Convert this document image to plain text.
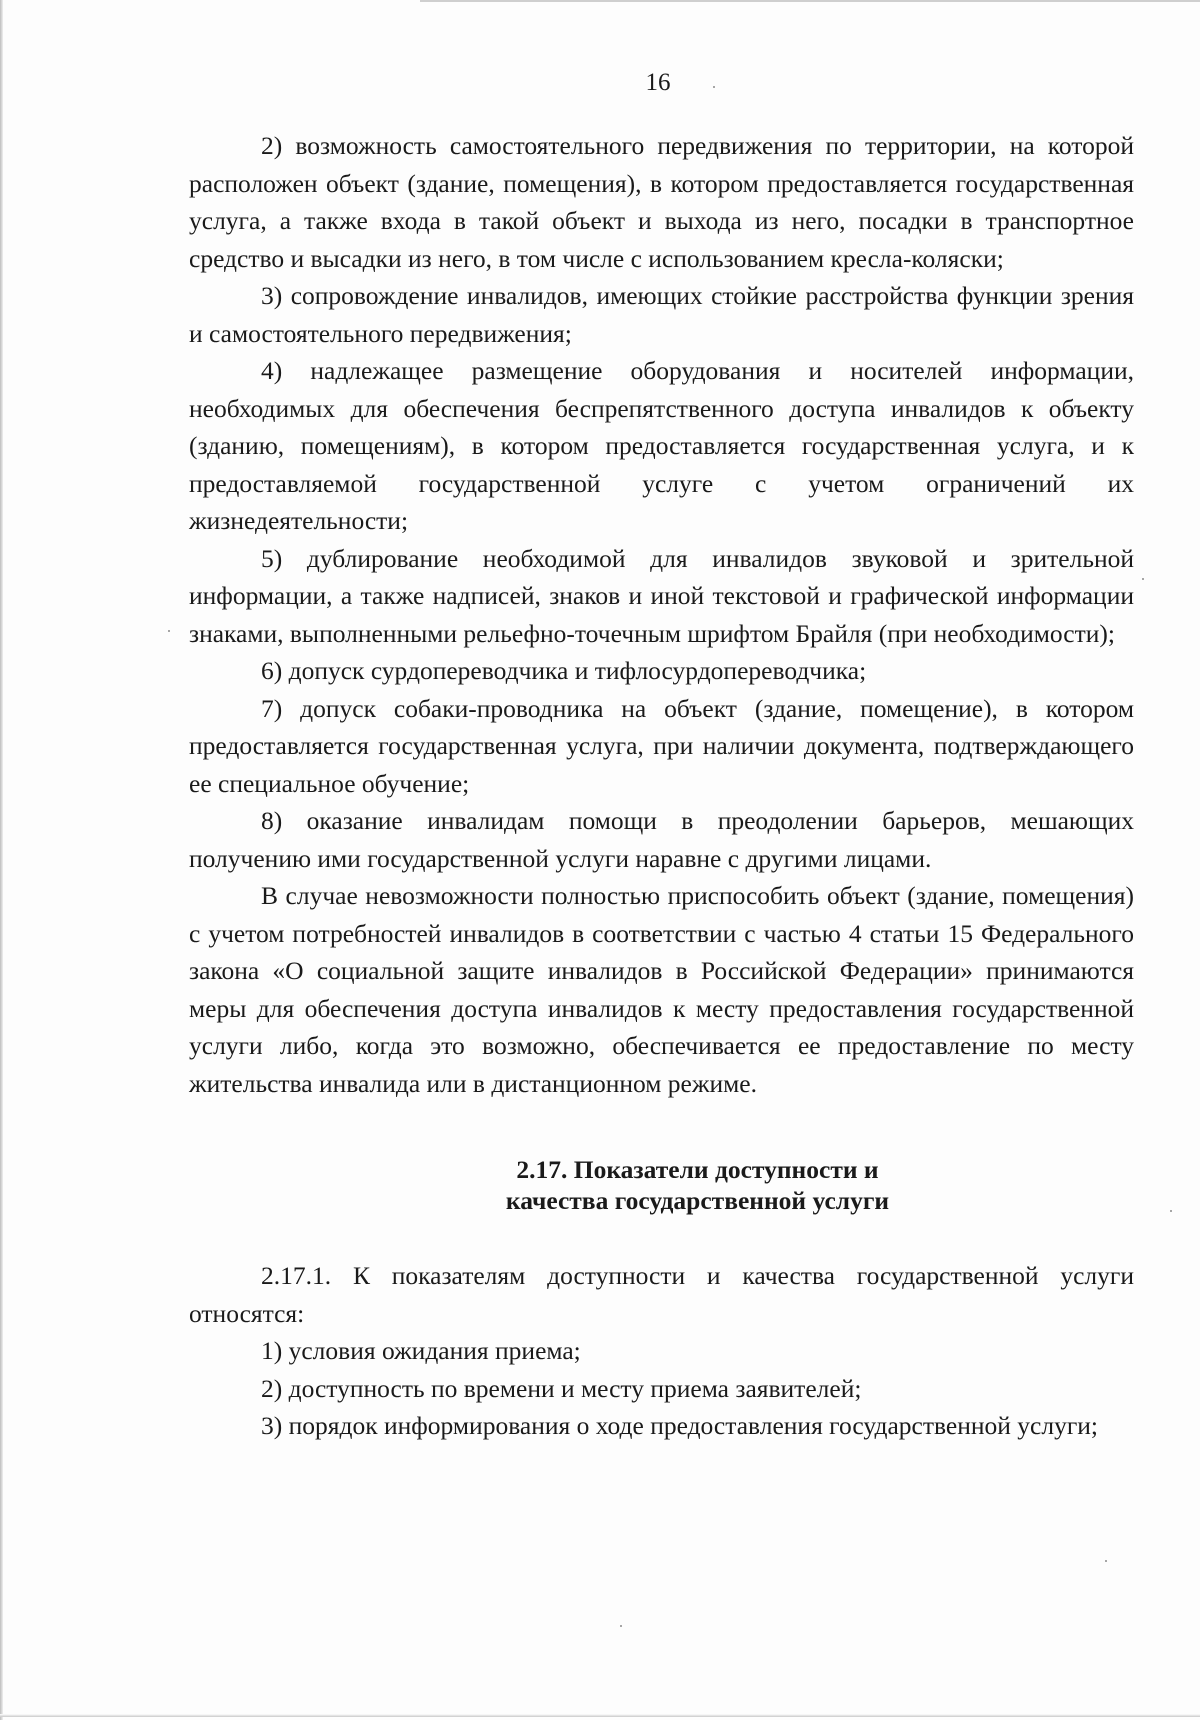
16

2) возможность самостоятельного передвижения по территории, на которой расположен объект (здание, помещения), в котором предоставляется государственная услуга, а также входа в такой объект и выхода из него, посадки в транспортное средство и высадки из него, в том числе с использованием кресла-коляски;

3) сопровождение инвалидов, имеющих стойкие расстройства функции зрения и самостоятельного передвижения;

4) надлежащее размещение оборудования и носителей информации, необходимых для обеспечения беспрепятственного доступа инвалидов к объекту (зданию, помещениям), в котором предоставляется государственная услуга, и к предоставляемой государственной услуге с учетом ограничений их жизнедеятельности;

5) дублирование необходимой для инвалидов звуковой и зрительной информации, а также надписей, знаков и иной текстовой и графической информации знаками, выполненными рельефно-точечным шрифтом Брайля (при необходимости);

6) допуск сурдопереводчика и тифлосурдопереводчика;

7) допуск собаки-проводника на объект (здание, помещение), в котором предоставляется государственная услуга, при наличии документа, подтверждающего ее специальное обучение;

8) оказание инвалидам помощи в преодолении барьеров, мешающих получению ими государственной услуги наравне с другими лицами.

В случае невозможности полностью приспособить объект (здание, помещения) с учетом потребностей инвалидов в соответствии с частью 4 статьи 15 Федерального закона «О социальной защите инвалидов в Российской Федерации» принимаются меры для обеспечения доступа инвалидов к месту предоставления государственной услуги либо, когда это возможно, обеспечивается ее предоставление по месту жительства инвалида или в дистанционном режиме.

2.17. Показатели доступности и
качества государственной услуги

2.17.1. К показателям доступности и качества государственной услуги относятся:

1) условия ожидания приема;

2) доступность по времени и месту приема заявителей;

3) порядок информирования о ходе предоставления государственной услуги;
